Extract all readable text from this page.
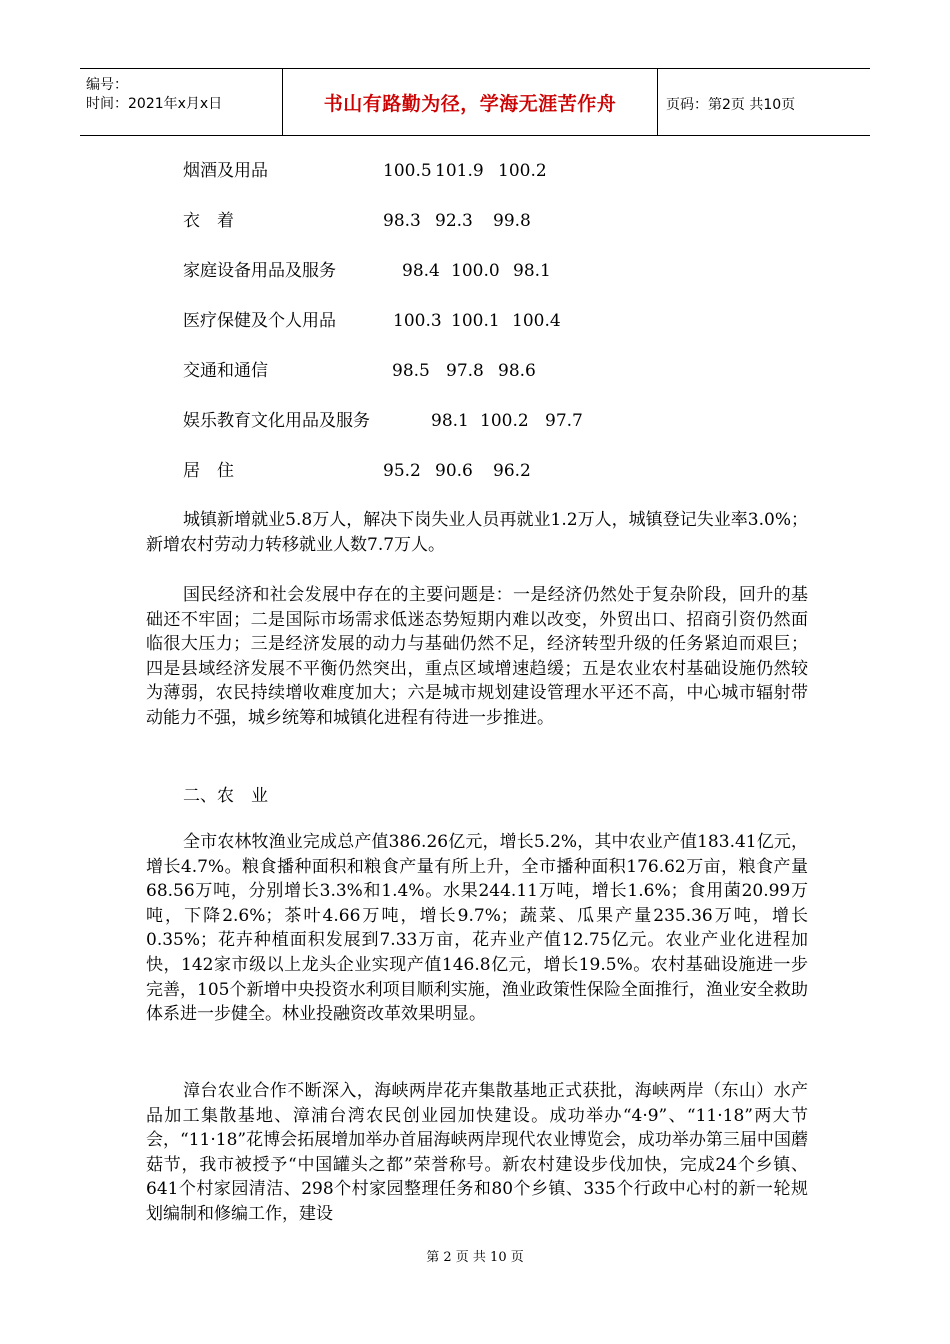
编号：
时间：2021年x月x日	书山有路勤为径，学海无涯苦作舟	页码：第2页 共10页
烟酒及用品	100.5 101.9 100.2
衣　着	98.3 92.3 99.8
家庭设备用品及服务	98.4 100.0 98.1
医疗保健及个人用品	100.3 100.1 100.4
交通和通信	98.5 97.8 98.6
娱乐教育文化用品及服务	98.1 100.2 97.7
居　住	95.2 90.6 96.2
城镇新增就业5.8万人，解决下岗失业人员再就业1.2万人，城镇登记失业率3.0%；新增农村劳动力转移就业人数7.7万人。
国民经济和社会发展中存在的主要问题是：一是经济仍然处于复杂阶段，回升的基础还不牢固；二是国际市场需求低迷态势短期内难以改变，外贸出口、招商引资仍然面临很大压力；三是经济发展的动力与基础仍然不足，经济转型升级的任务紧迫而艰巨；四是县域经济发展不平衡仍然突出，重点区域增速趋缓；五是农业农村基础设施仍然较为薄弱，农民持续增收难度加大；六是城市规划建设管理水平还不高，中心城市辐射带动能力不强，城乡统筹和城镇化进程有待进一步推进。
二、农　业
全市农林牧渔业完成总产值386.26亿元，增长5.2%，其中农业产值183.41亿元，增长4.7%。粮食播种面积和粮食产量有所上升，全市播种面积176.62万亩，粮食产量68.56万吨，分别增长3.3%和1.4%。水果244.11万吨，增长1.6%；食用菌20.99万吨，下降2.6%；茶叶4.66万吨，增长9.7%；蔬菜、瓜果产量235.36万吨，增长0.35%；花卉种植面积发展到7.33万亩，花卉业产值12.75亿元。农业产业化进程加快，142家市级以上龙头企业实现产值146.8亿元，增长19.5%。农村基础设施进一步完善，105个新增中央投资水利项目顺利实施，渔业政策性保险全面推行，渔业安全救助体系进一步健全。林业投融资改革效果明显。
漳台农业合作不断深入，海峡两岸花卉集散基地正式获批，海峡两岸（东山）水产品加工集散基地、漳浦台湾农民创业园加快建设。成功举办“4·9”、“11·18”两大节会，“11·18”花博会拓展增加举办首届海峡两岸现代农业博览会，成功举办第三届中国蘑菇节，我市被授予“中国罐头之都”荣誉称号。新农村建设步伐加快，完成24个乡镇、641个村家园清洁、298个村家园整理任务和80个乡镇、335个行政中心村的新一轮规划编制和修编工作，建设
第 2 页 共 10 页
